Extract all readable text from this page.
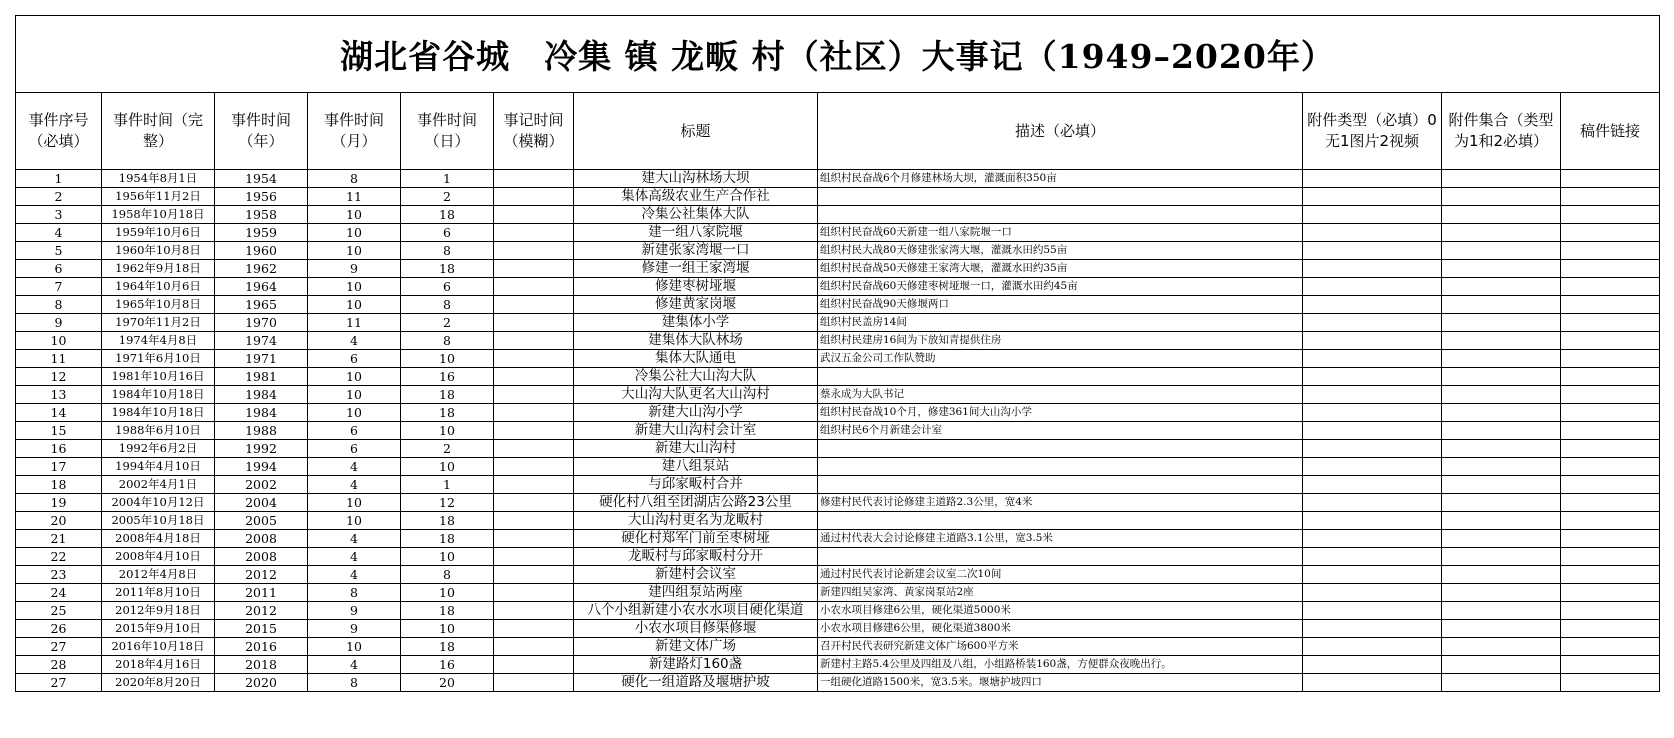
湖北省谷城　冷集 镇 龙畈 村（社区）大事记（1949–2020年）										
事件序号（必填）	事件时间（完整）	事件时间（年）	事件时间（月）	事件时间（日）	事记时间（模糊）	标题	描述（必填）	附件类型（必填）0无1图片2视频	附件集合（类型为1和2必填）	稿件链接
1	1954年8月1日	1954	8	1		建大山沟林场大坝	组织村民奋战6个月修建林场大坝，灌溉面积350亩			
2	1956年11月2日	1956	11	2		集体高级农业生产合作社				
3	1958年10月18日	1958	10	18		冷集公社集体大队				
4	1959年10月6日	1959	10	6		建一组八家院堰	组织村民奋战60天新建一组八家院堰一口			
5	1960年10月8日	1960	10	8		新建张家湾堰一口	组织村民大战80天修建张家湾大堰，灌溉水田约55亩			
6	1962年9月18日	1962	9	18		修建一组王家湾堰	组织村民奋战50天修建王家湾大堰，灌溉水田约35亩			
7	1964年10月6日	1964	10	6		修建枣树垭堰	组织村民奋战60天修建枣树垭堰一口，灌溉水田约45亩			
8	1965年10月8日	1965	10	8		修建黄家岗堰	组织村民奋战90天修堰两口			
9	1970年11月2日	1970	11	2		建集体小学	组织村民盖房14间			
10	1974年4月8日	1974	4	8		建集体大队林场	组织村民建房16间为下放知青提供住房			
11	1971年6月10日	1971	6	10		集体大队通电	武汉五金公司工作队赞助			
12	1981年10月16日	1981	10	16		冷集公社大山沟大队				
13	1984年10月18日	1984	10	18		大山沟大队更名大山沟村	蔡永成为大队书记			
14	1984年10月18日	1984	10	18		新建大山沟小学	组织村民奋战10个月，修建361间大山沟小学			
15	1988年6月10日	1988	6	10		新建大山沟村会计室	组织村民6个月新建会计室			
16	1992年6月2日	1992	6	2		新建大山沟村				
17	1994年4月10日	1994	4	10		建八组泵站				
18	2002年4月1日	2002	4	1		与邱家畈村合并				
19	2004年10月12日	2004	10	12		硬化村八组至团湖店公路23公里	修建村民代表讨论修建主道路2.3公里，宽4米			
20	2005年10月18日	2005	10	18		大山沟村更名为龙畈村				
21	2008年4月18日	2008	4	18		硬化村郑军门前至枣树垭	通过村代表大会讨论修建主道路3.1公里，宽3.5米			
22	2008年4月10日	2008	4	10		龙畈村与邱家畈村分开				
23	2012年4月8日	2012	4	8		新建村会议室	通过村民代表讨论新建会议室二次10间			
24	2011年8月10日	2011	8	10		建四组泵站两座	新建四组吴家湾、黄家岗泵站2座			
25	2012年9月18日	2012	9	18		八个小组新建小农水水项目硬化渠道	小农水项目修建6公里，硬化渠道5000米			
26	2015年9月10日	2015	9	10		小农水项目修渠修堰	小农水项目修建6公里，硬化渠道3800米			
27	2016年10月18日	2016	10	18		新建文体广场	召开村民代表研究新建文体广场600平方米			
28	2018年4月16日	2018	4	16		新建路灯160盏	新建村主路5.4公里及四组及八组，小组路桥装160盏，方便群众夜晚出行。			
27	2020年8月20日	2020	8	20		硬化一组道路及堰塘护坡	一组硬化道路1500米，宽3.5米。堰塘护坡四口			
